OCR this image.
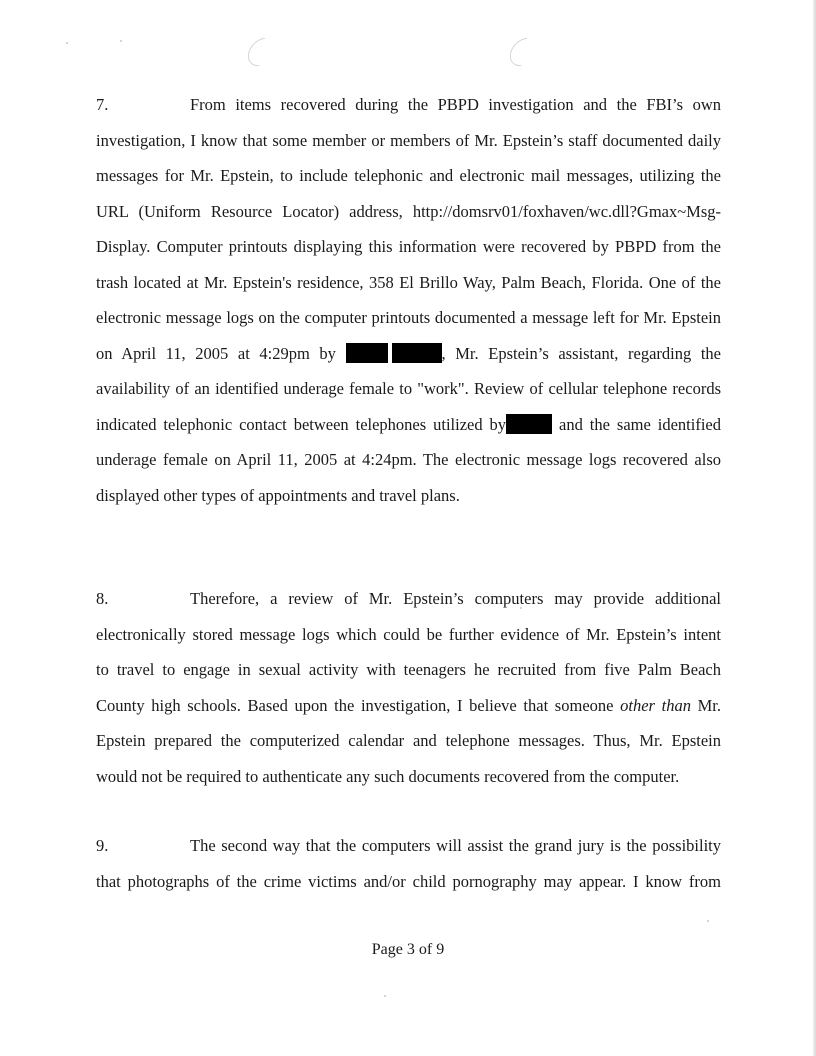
7.	From items recovered during the PBPD investigation and the FBI’s own
investigation, I know that some member or members of Mr. Epstein’s staff documented daily
messages for Mr. Epstein, to include telephonic and electronic mail messages, utilizing the
URL (Uniform Resource Locator) address, http://domsrv01/foxhaven/wc.dll?Gmax~Msg-
Display. Computer printouts displaying this information were recovered by PBPD from the
trash located at Mr. Epstein's residence, 358 El Brillo Way, Palm Beach, Florida. One of the
electronic message logs on the computer printouts documented a message left for Mr. Epstein
on April 11, 2005 at 4:29pm by	, Mr. Epstein’s assistant, regarding the
availability of an identified underage female to "work". Review of cellular telephone records
indicated telephonic contact between telephones utilized by	and the same identified
underage female on April 11, 2005 at 4:24pm. The electronic message logs recovered also
displayed other types of appointments and travel plans.
8.	Therefore, a review of Mr. Epstein’s computers may provide additional
electronically stored message logs which could be further evidence of Mr. Epstein’s intent
to travel to engage in sexual activity with teenagers he recruited from five Palm Beach
County high schools. Based upon the investigation, I believe that someone other than Mr.
Epstein prepared the computerized calendar and telephone messages. Thus, Mr. Epstein
would not be required to authenticate any such documents recovered from the computer.
9.	The second way that the computers will assist the grand jury is the possibility
that photographs of the crime victims and/or child pornography may appear. I know from
Page 3 of 9
